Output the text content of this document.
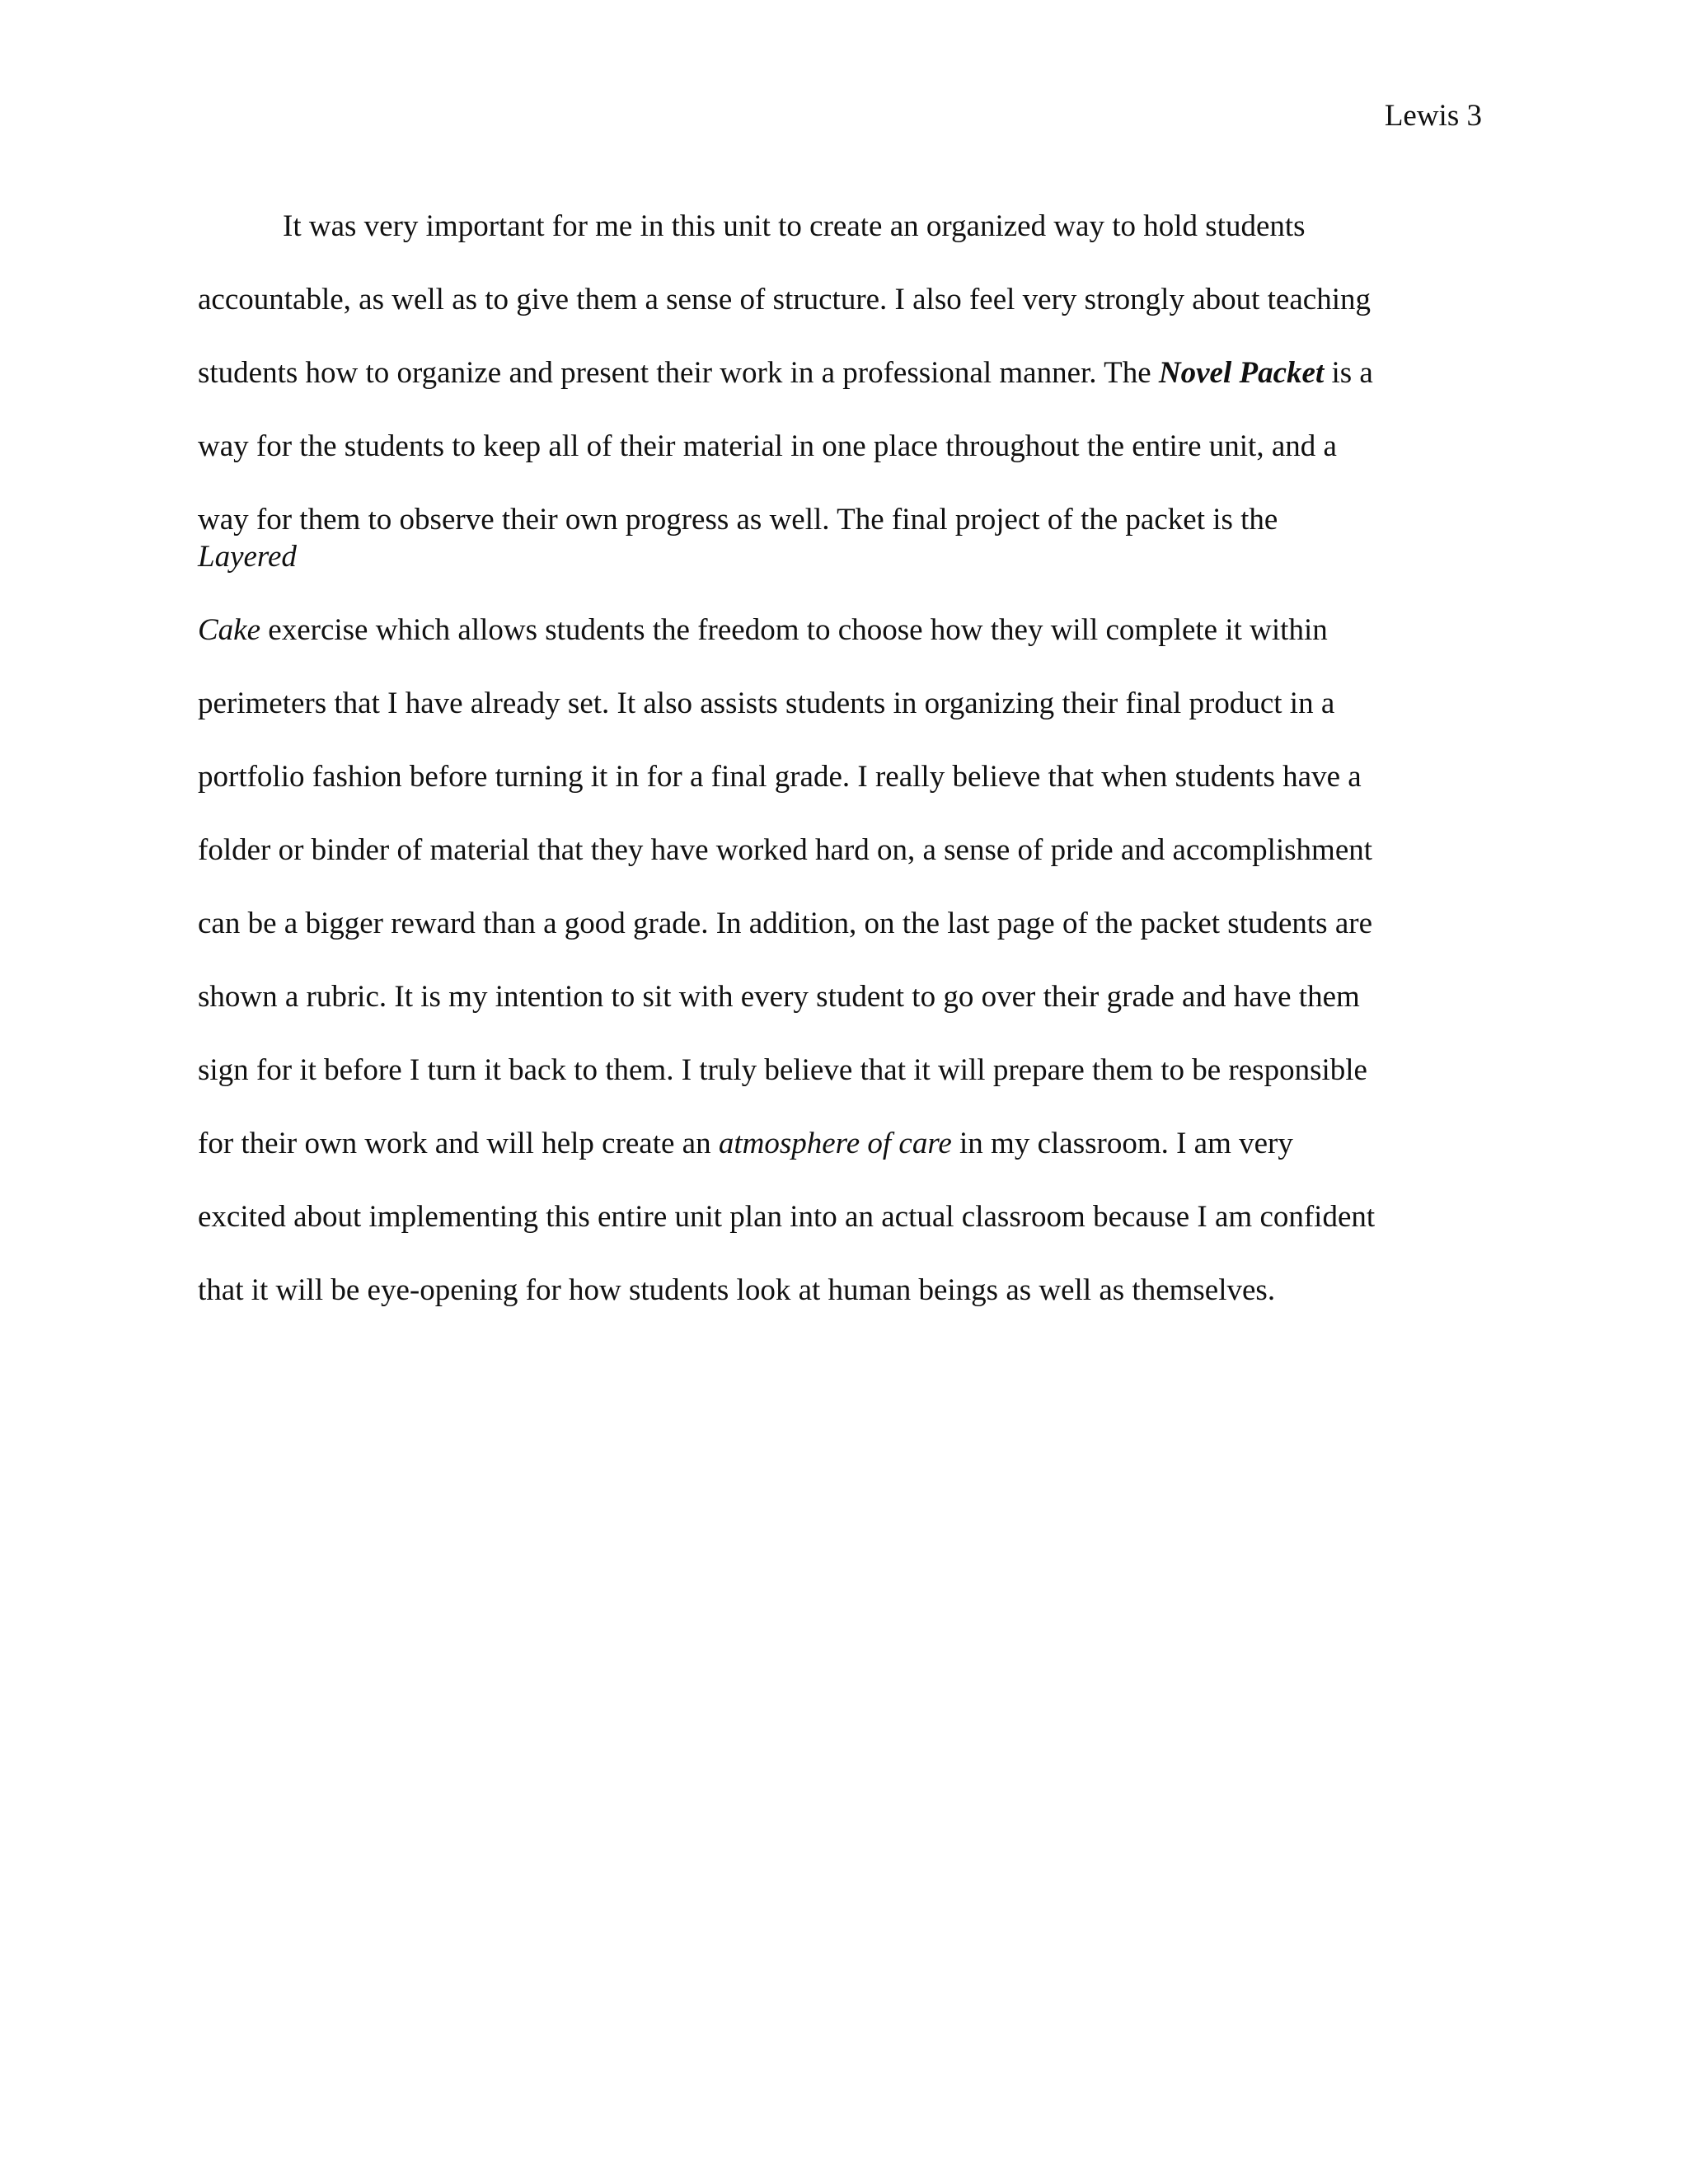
Lewis 3
It was very important for me in this unit to create an organized way to hold students
accountable, as well as to give them a sense of structure. I also feel very strongly about teaching
students how to organize and present their work in a professional manner. The Novel Packet is a
way for the students to keep all of their material in one place throughout the entire unit, and a
way for them to observe their own progress as well. The final project of the packet is the
Layered
Cake exercise which allows students the freedom to choose how they will complete it within
perimeters that I have already set. It also assists students in organizing their final product in a
portfolio fashion before turning it in for a final grade. I really believe that when students have a
folder or binder of material that they have worked hard on, a sense of pride and accomplishment
can be a bigger reward than a good grade. In addition, on the last page of the packet students are
shown a rubric. It is my intention to sit with every student to go over their grade and have them
sign for it before I turn it back to them. I truly believe that it will prepare them to be responsible
for their own work and will help create an atmosphere of care in my classroom. I am very
excited about implementing this entire unit plan into an actual classroom because I am confident
that it will be eye-opening for how students look at human beings as well as themselves.
